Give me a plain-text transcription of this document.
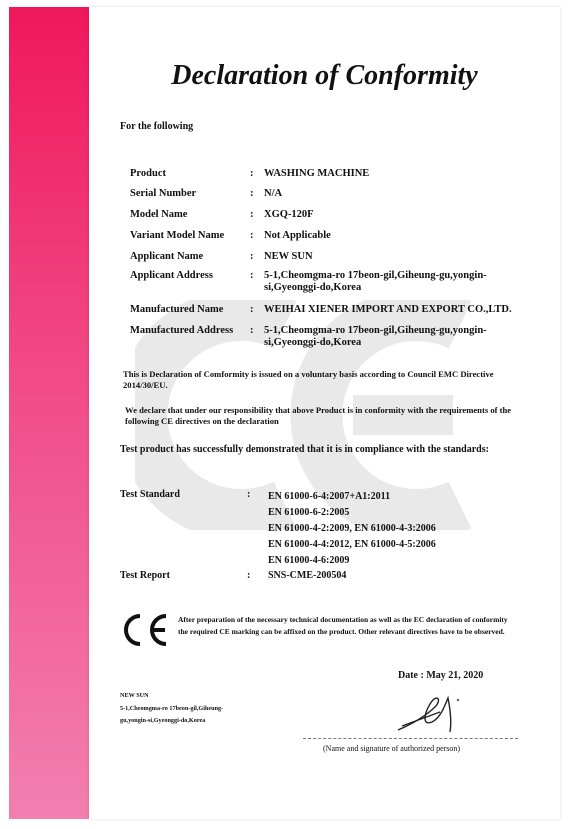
Declaration of Conformity
For the following
Product	: WASHING MACHINE
Serial Number	: N/A
Model Name	: XGQ-120F
Variant Model Name	: Not Applicable
Applicant Name	: NEW SUN
Applicant Address	: 5-1,Cheomgma-ro 17beon-gil,Giheung-gu,yongin-si,Gyeonggi-do,Korea
Manufactured Name	: WEIHAI XIENER IMPORT AND EXPORT CO.,LTD.
Manufactured Address	: 5-1,Cheomgma-ro 17beon-gil,Giheung-gu,yongin-si,Gyeonggi-do,Korea
This is Declaration of Comformity is issued on a voluntary basis according to Council EMC Directive 2014/30/EU.
We declare that under our responsibility that above Product is in conformity with the requirements of the following CE directives on the declaration
Test product has successfully demonstrated that it is in compliance with the standards:
Test Standard	: EN 61000-6-4:2007+A1:2011
EN 61000-6-2:2005
EN 61000-4-2:2009, EN 61000-4-3:2006
EN 61000-4-4:2012, EN 61000-4-5:2006
EN 61000-4-6:2009
Test Report	: SNS-CME-200504
After preparation of the necessary technical documentation as well as the EC declaration of conformity the required CE marking can be affixed on the product. Other relevant directives have to be observed.
Date : May 21, 2020
NEW SUN
5-1,Cheomgma-ro 17beon-gil,Giheung-
gu,yongin-si,Gyeonggi-do,Korea
(Name and signature of authorized person)
